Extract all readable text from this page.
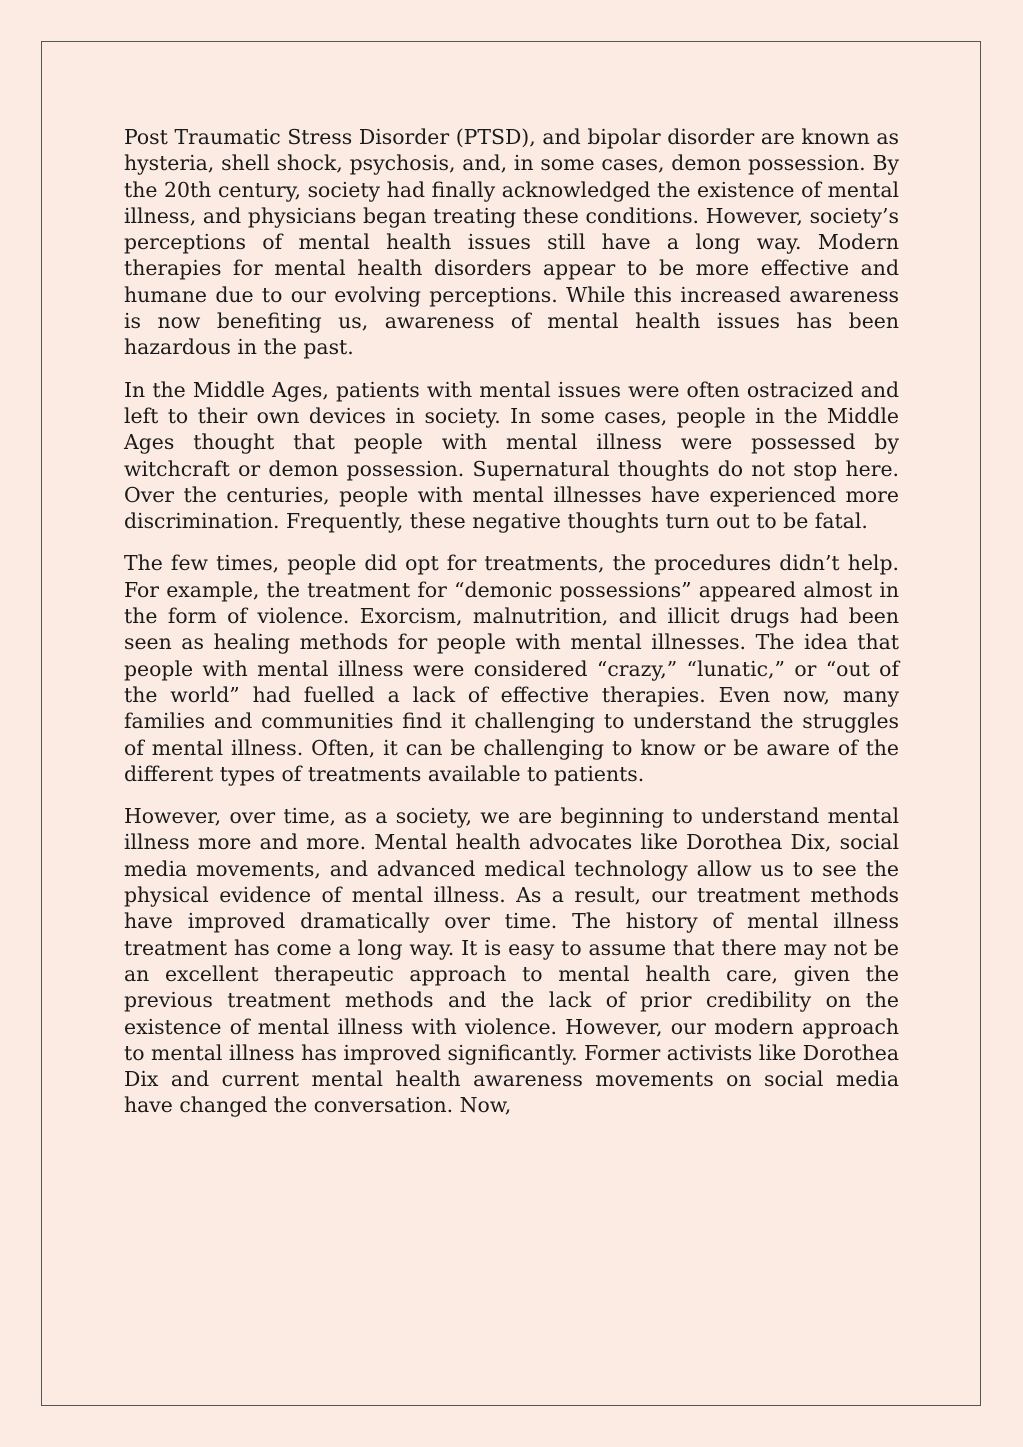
Post Traumatic Stress Disorder (PTSD), and bipolar disorder are known as hysteria, shell shock, psychosis, and, in some cases, demon possession. By the 20th century, society had finally acknowledged the existence of mental illness, and physicians began treating these conditions. However, society’s perceptions of mental health issues still have a long way. Modern therapies for mental health disorders appear to be more effective and humane due to our evolving perceptions. While this increased awareness is now benefiting us, awareness of mental health issues has been hazardous in the past.

In the Middle Ages, patients with mental issues were often ostracized and left to their own devices in society. In some cases, people in the Middle Ages thought that people with mental illness were possessed by witchcraft or demon possession. Supernatural thoughts do not stop here. Over the centuries, people with mental illnesses have experienced more discrimination. Frequently, these negative thoughts turn out to be fatal.

The few times, people did opt for treatments, the procedures didn’t help. For example, the treatment for “demonic possessions” appeared almost in the form of violence. Exorcism, malnutrition, and illicit drugs had been seen as healing methods for people with mental illnesses. The idea that people with mental illness were considered “crazy,” “lunatic,” or “out of the world” had fuelled a lack of effective therapies. Even now, many families and communities find it challenging to understand the struggles of mental illness. Often, it can be challenging to know or be aware of the different types of treatments available to patients.

However, over time, as a society, we are beginning to understand mental illness more and more. Mental health advocates like Dorothea Dix, social media movements, and advanced medical technology allow us to see the physical evidence of mental illness. As a result, our treatment methods have improved dramatically over time. The history of mental illness treatment has come a long way. It is easy to assume that there may not be an excellent therapeutic approach to mental health care, given the previous treatment methods and the lack of prior credibility on the existence of mental illness with violence. However, our modern approach to mental illness has improved significantly. Former activists like Dorothea Dix and current mental health awareness movements on social media have changed the conversation. Now,
